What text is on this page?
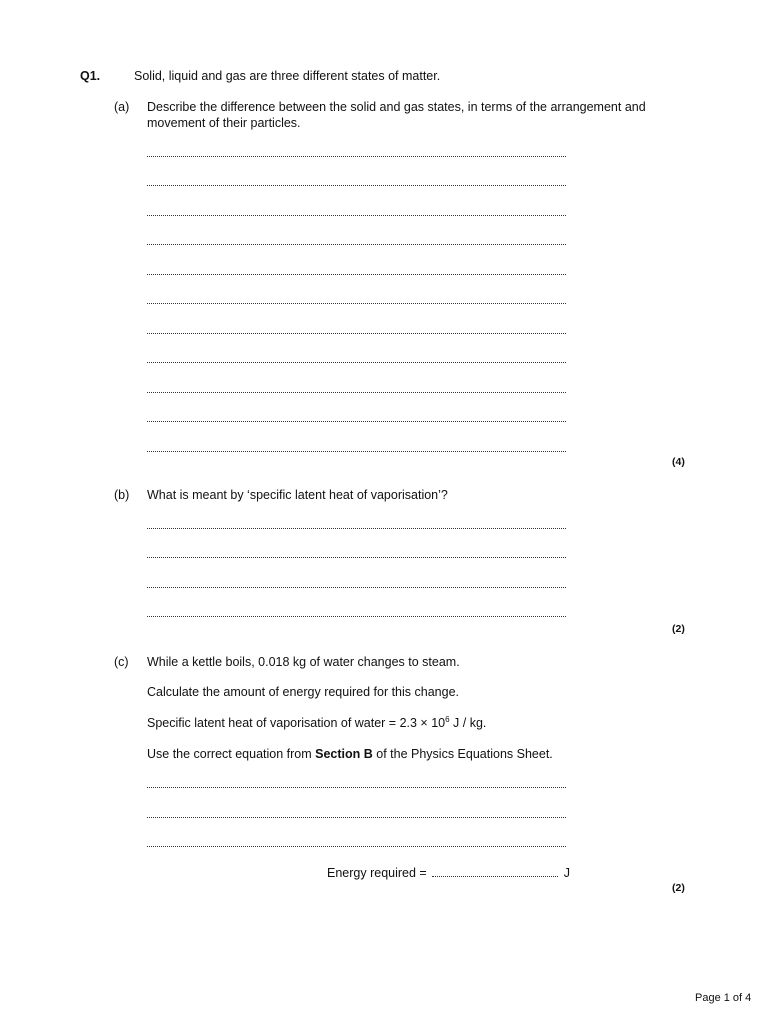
Q1.	Solid, liquid and gas are three different states of matter.
(a) Describe the difference between the solid and gas states, in terms of the arrangement and movement of their particles.
(4)
(b) What is meant by ‘specific latent heat of vaporisation’?
(2)
(c) While a kettle boils, 0.018 kg of water changes to steam.
Calculate the amount of energy required for this change.
Specific latent heat of vaporisation of water = $2.3 \times 10^6$ J / kg.
Use the correct equation from Section B of the Physics Equations Sheet.
Energy required =	J
(2)
Page 1 of 4
